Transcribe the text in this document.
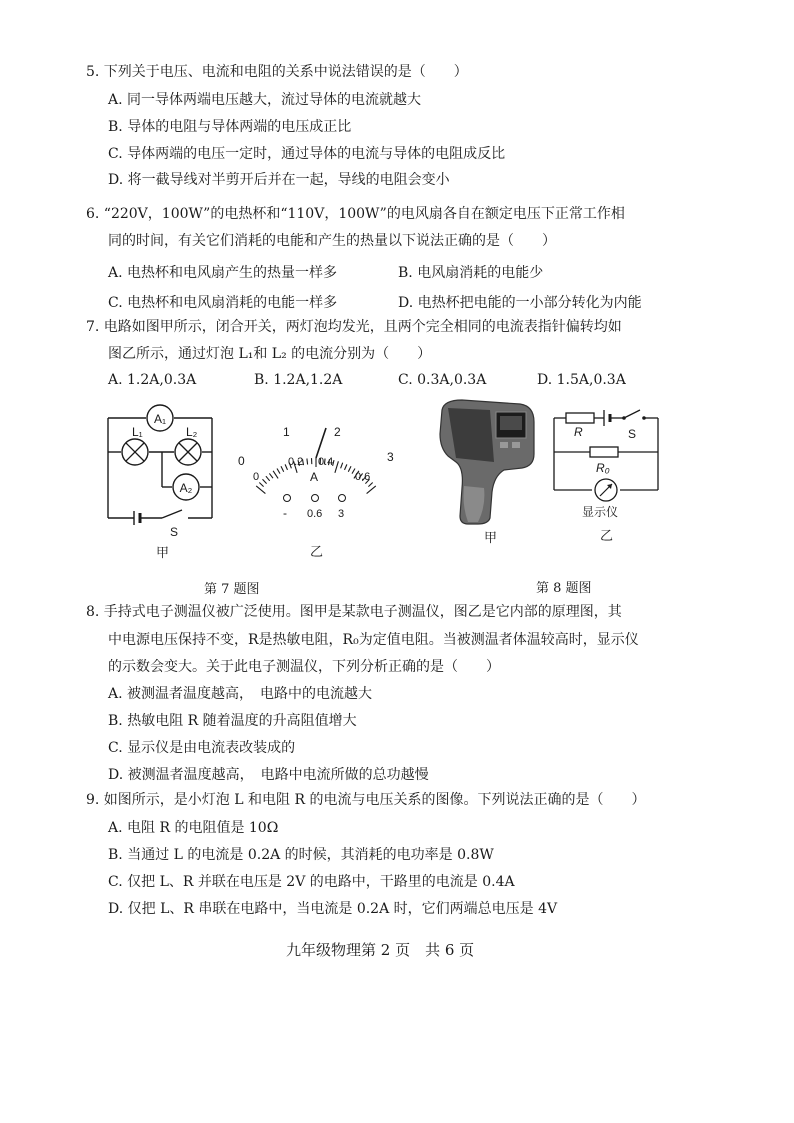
5. 下列关于电压、电流和电阻的关系中说法错误的是（　　）
A. 同一导体两端电压越大，流过导体的电流就越大
B. 导体的电阻与导体两端的电压成正比
C. 导体两端的电压一定时，通过导体的电流与导体的电阻成反比
D. 将一截导线对半剪开后并在一起，导线的电阻会变小
6. “220V，100W”的电热杯和“110V，100W”的电风扇各自在额定电压下正常工作相
同的时间，有关它们消耗的电能和产生的热量以下说法正确的是（　　）
A. 电热杯和电风扇产生的热量一样多	B. 电风扇消耗的电能少
C. 电热杯和电风扇消耗的电能一样多	D. 电热杯把电能的一小部分转化为内能
7. 电路如图甲所示，闭合开关，两灯泡均发光，且两个完全相同的电流表指针偏转均如
图乙所示，通过灯泡 L₁和 L₂ 的电流分别为（　　）
A. 1.2A,0.3A	B. 1.2A,1.2A	C. 0.3A,0.3A	D. 1.5A,0.3A
A₁
L₁	L₂
A₂
S
甲
0
1	2
3
0
0.2 0.4
0.6
A
- 0.6 3
乙
第 7 题图
甲
R	S
R₀
显示仪
乙
第 8 题图
8. 手持式电子测温仪被广泛使用。图甲是某款电子测温仪，图乙是它内部的原理图，其
中电源电压保持不变，R是热敏电阻，R₀为定值电阻。当被测温者体温较高时，显示仪
的示数会变大。关于此电子测温仪，下列分析正确的是（　　）
A. 被测温者温度越高，　电路中的电流越大
B. 热敏电阻 R 随着温度的升高阻值增大
C. 显示仪是由电流表改装成的
D. 被测温者温度越高，　电路中电流所做的总功越慢
9. 如图所示，是小灯泡 L 和电阻 R 的电流与电压关系的图像。下列说法正确的是（　　）
A. 电阻 R 的电阻值是 10Ω
B. 当通过 L 的电流是 0.2A 的时候，其消耗的电功率是 0.8W
C. 仅把 L、R 并联在电压是 2V 的电路中，干路里的电流是 0.4A
D. 仅把 L、R 串联在电路中，当电流是 0.2A 时，它们两端总电压是 4V
九年级物理第 2 页　共 6 页
